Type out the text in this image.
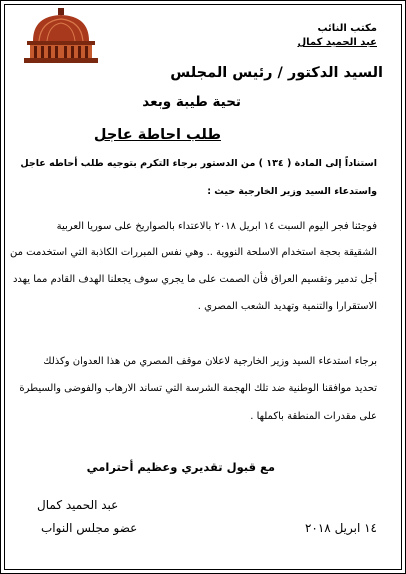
مكتب النائب
عبد الحميد كمال
السيد الدكتور / رئيس المجلس
تحية طيبة وبعد
طلب احاطة عاجل
استناداً إلى المادة ( ١٣٤ ) من الدستور برجاء التكرم بتوجيه طلب أحاطه عاجل
واستدعاء السيد وزير الخارجية حيث :
فوجئنا فجر اليوم السبت ١٤ ابريل ٢٠١٨ بالاعتداء بالصواريخ على سوريا العربية
الشقيقة بحجة استخدام الاسلحة النووية .. وهي نفس المبررات الكاذبة التي استخدمت من
أجل تدمير وتقسيم العراق فأن الصمت على ما يجري سوف يجعلنا الهدف القادم مما يهدد
الاستقرارا والتنمية وتهديد الشعب المصري .
برجاء استدعاء السيد وزير الخارجية لاعلان موقف المصري من هذا العدوان وكذلك
تحديد موافقنا الوطنية ضد تلك الهجمة الشرسة التي تساند الارهاب والفوضى والسيطرة
على مقدرات المنطقة باكملها .
مع قبول تقديري وعظيم أحترامي
عبد الحميد كمال
عضو مجلس النواب	١٤ ابريل ٢٠١٨
